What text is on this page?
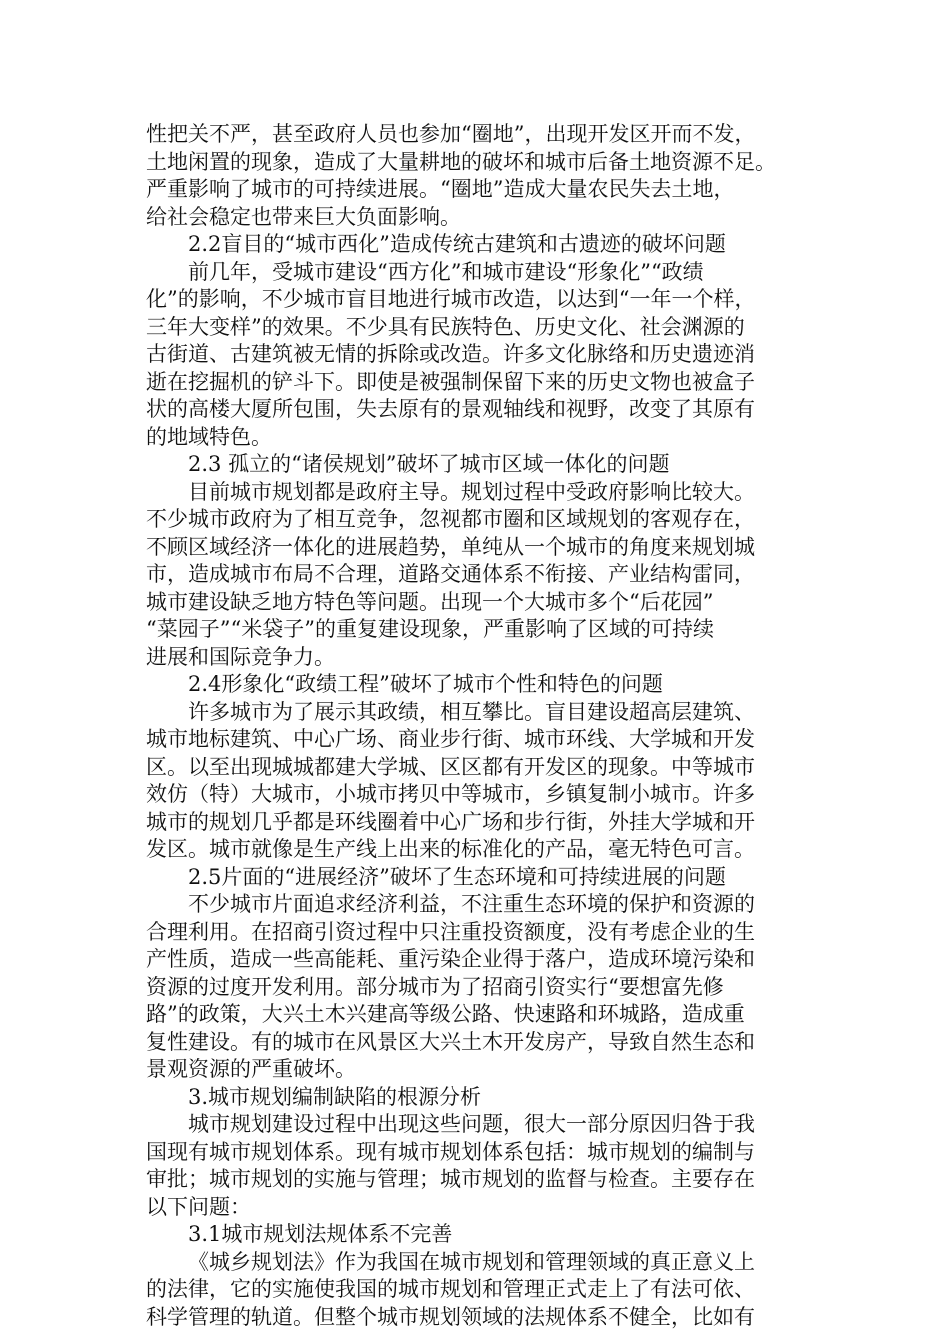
性把关不严，甚至政府人员也参加“圈地”，出现开发区开而不发，
土地闲置的现象，造成了大量耕地的破坏和城市后备土地资源不足。
严重影响了城市的可持续进展。“圈地”造成大量农民失去土地，
给社会稳定也带来巨大负面影响。
2.2盲目的“城市西化”造成传统古建筑和古遗迹的破坏问题
前几年，受城市建设“西方化”和城市建设“形象化”“政绩
化”的影响，不少城市盲目地进行城市改造，以达到“一年一个样，
三年大变样”的效果。不少具有民族特色、历史文化、社会渊源的
古街道、古建筑被无情的拆除或改造。许多文化脉络和历史遗迹消
逝在挖掘机的铲斗下。即使是被强制保留下来的历史文物也被盒子
状的高楼大厦所包围，失去原有的景观轴线和视野，改变了其原有
的地域特色。
2.3 孤立的“诸侯规划”破坏了城市区域一体化的问题
目前城市规划都是政府主导。规划过程中受政府影响比较大。
不少城市政府为了相互竞争，忽视都市圈和区域规划的客观存在，
不顾区域经济一体化的进展趋势，单纯从一个城市的角度来规划城
市，造成城市布局不合理，道路交通体系不衔接、产业结构雷同，
城市建设缺乏地方特色等问题。出现一个大城市多个“后花园”
“菜园子”“米袋子”的重复建设现象，严重影响了区域的可持续
进展和国际竞争力。
2.4形象化“政绩工程”破坏了城市个性和特色的问题
许多城市为了展示其政绩，相互攀比。盲目建设超高层建筑、
城市地标建筑、中心广场、商业步行街、城市环线、大学城和开发
区。以至出现城城都建大学城、区区都有开发区的现象。中等城市
效仿（特）大城市，小城市拷贝中等城市，乡镇复制小城市。许多
城市的规划几乎都是环线圈着中心广场和步行街，外挂大学城和开
发区。城市就像是生产线上出来的标准化的产品，毫无特色可言。
2.5片面的“进展经济”破坏了生态环境和可持续进展的问题
不少城市片面追求经济利益，不注重生态环境的保护和资源的
合理利用。在招商引资过程中只注重投资额度，没有考虑企业的生
产性质，造成一些高能耗、重污染企业得于落户，造成环境污染和
资源的过度开发利用。部分城市为了招商引资实行“要想富先修
路”的政策，大兴土木兴建高等级公路、快速路和环城路，造成重
复性建设。有的城市在风景区大兴土木开发房产，导致自然生态和
景观资源的严重破坏。
3.城市规划编制缺陷的根源分析
城市规划建设过程中出现这些问题，很大一部分原因归咎于我
国现有城市规划体系。现有城市规划体系包括：城市规划的编制与
审批；城市规划的实施与管理；城市规划的监督与检查。主要存在
以下问题：
3.1城市规划法规体系不完善
《城乡规划法》作为我国在城市规划和管理领域的真正意义上
的法律，它的实施使我国的城市规划和管理正式走上了有法可依、
科学管理的轨道。但整个城市规划领域的法规体系不健全，比如有
